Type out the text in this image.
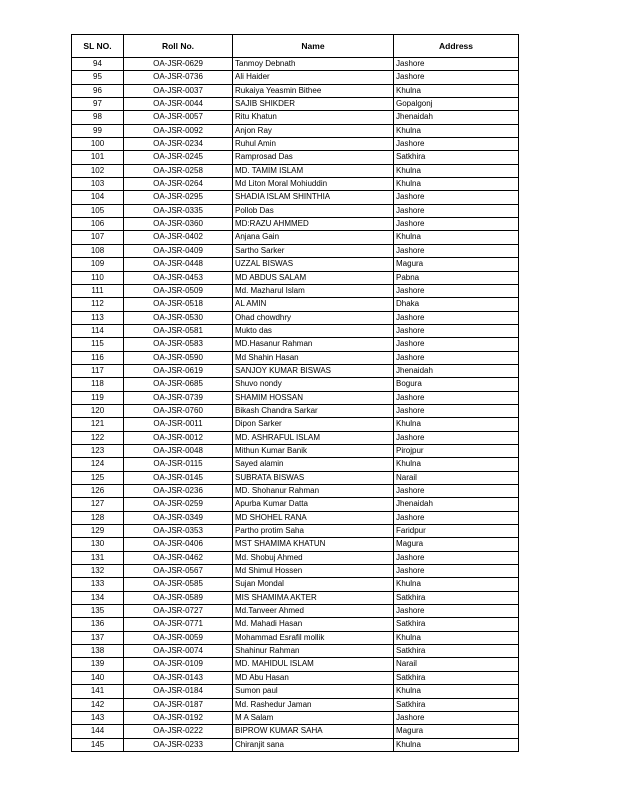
SL NO.	Roll No.	Name	Address
94	OA-JSR-0629	Tanmoy Debnath	Jashore
95	OA-JSR-0736	Ali Haider	Jashore
96	OA-JSR-0037	Rukaiya Yeasmin Bithee	Khulna
97	OA-JSR-0044	SAJIB SHIKDER	Gopalgonj
98	OA-JSR-0057	Ritu Khatun	Jhenaidah
99	OA-JSR-0092	Anjon Ray	Khulna
100	OA-JSR-0234	Ruhul Amin	Jashore
101	OA-JSR-0245	Ramprosad Das	Satkhira
102	OA-JSR-0258	MD. TAMIM ISLAM	Khulna
103	OA-JSR-0264	Md Liton Moral Mohiuddin	Khulna
104	OA-JSR-0295	SHADIA ISLAM SHINTHIA	Jashore
105	OA-JSR-0335	Pollob Das	Jashore
106	OA-JSR-0360	MD:RAZU AHMMED	Jashore
107	OA-JSR-0402	Anjana Gain	Khulna
108	OA-JSR-0409	Sartho Sarker	Jashore
109	OA-JSR-0448	UZZAL BISWAS	Magura
110	OA-JSR-0453	MD ABDUS SALAM	Pabna
111	OA-JSR-0509	Md. Mazharul Islam	Jashore
112	OA-JSR-0518	AL AMIN	Dhaka
113	OA-JSR-0530	Ohad chowdhry	Jashore
114	OA-JSR-0581	Mukto das	Jashore
115	OA-JSR-0583	MD.Hasanur Rahman	Jashore
116	OA-JSR-0590	Md Shahin Hasan	Jashore
117	OA-JSR-0619	SANJOY KUMAR BISWAS	Jhenaidah
118	OA-JSR-0685	Shuvo nondy	Bogura
119	OA-JSR-0739	SHAMIM HOSSAN	Jashore
120	OA-JSR-0760	Bikash Chandra Sarkar	Jashore
121	OA-JSR-0011	Dipon Sarker	Khulna
122	OA-JSR-0012	MD. ASHRAFUL ISLAM	Jashore
123	OA-JSR-0048	Mithun Kumar Banik	Pirojpur
124	OA-JSR-0115	Sayed alamin	Khulna
125	OA-JSR-0145	SUBRATA BISWAS	Narail
126	OA-JSR-0236	MD. Shohanur Rahman	Jashore
127	OA-JSR-0259	Apurba Kumar Datta	Jhenaidah
128	OA-JSR-0349	MD SHOHEL RANA	Jashore
129	OA-JSR-0353	Partho protim Saha	Faridpur
130	OA-JSR-0406	MST SHAMIMA KHATUN	Magura
131	OA-JSR-0462	Md. Shobuj Ahmed	Jashore
132	OA-JSR-0567	Md Shimul Hossen	Jashore
133	OA-JSR-0585	Sujan Mondal	Khulna
134	OA-JSR-0589	MIS SHAMIMA AKTER	Satkhira
135	OA-JSR-0727	Md.Tanveer Ahmed	Jashore
136	OA-JSR-0771	Md. Mahadi Hasan	Satkhira
137	OA-JSR-0059	Mohammad Esrafil mollik	Khulna
138	OA-JSR-0074	Shahinur Rahman	Satkhira
139	OA-JSR-0109	MD. MAHIDUL ISLAM	Narail
140	OA-JSR-0143	MD Abu Hasan	Satkhira
141	OA-JSR-0184	Sumon paul	Khulna
142	OA-JSR-0187	Md. Rashedur Jaman	Satkhira
143	OA-JSR-0192	M A Salam	Jashore
144	OA-JSR-0222	BIPROW KUMAR SAHA	Magura
145	OA-JSR-0233	Chiranjit sana	Khulna
